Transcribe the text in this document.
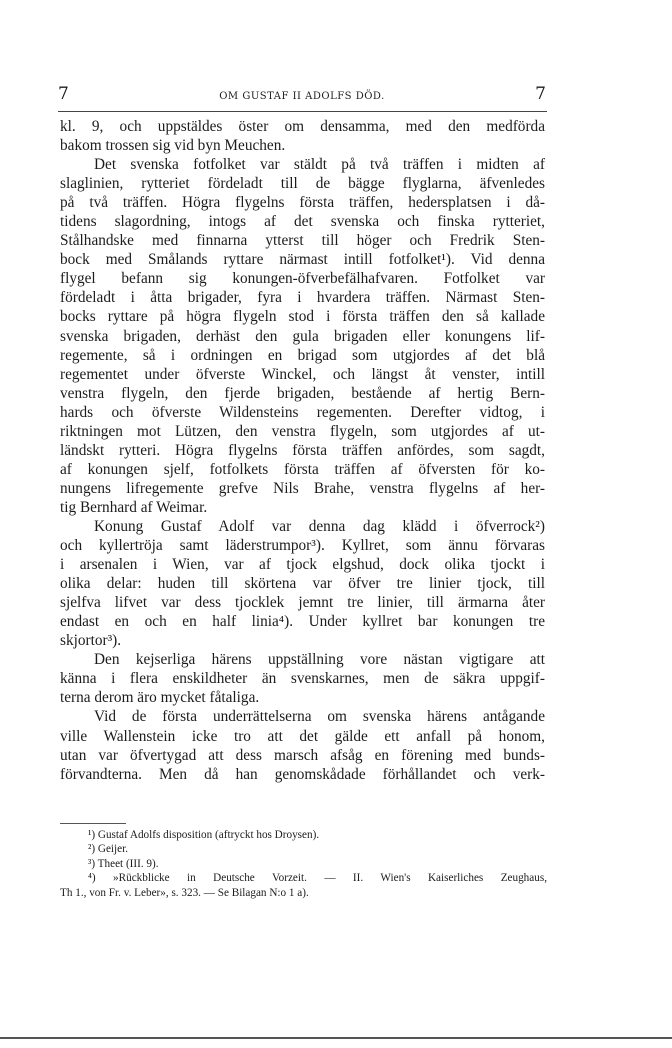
7	OM GUSTAF II ADOLFS DÖD.	7
kl. 9, och uppstäldes öster om densamma, med den medförda
bakom trossen sig vid byn Meuchen.
Det svenska fotfolket var stäldt på två träffen i midten af
slaglinien, rytteriet fördeladt till de bägge flyglarna, äfvenledes
på två träffen. Högra flygelns första träffen, hedersplatsen i då-
tidens slagordning, intogs af det svenska och finska rytteriet,
Stålhandske med finnarna ytterst till höger och Fredrik Sten-
bock med Smålands ryttare närmast intill fotfolket¹). Vid denna
flygel befann sig konungen-öfverbefälhafvaren. Fotfolket var
fördeladt i åtta brigader, fyra i hvardera träffen. Närmast Sten-
bocks ryttare på högra flygeln stod i första träffen den så kallade
svenska brigaden, derhäst den gula brigaden eller konungens lif-
regemente, så i ordningen en brigad som utgjordes af det blå
regementet under öfverste Winckel, och längst åt venster, intill
venstra flygeln, den fjerde brigaden, bestående af hertig Bern-
hards och öfverste Wildensteins regementen. Derefter vidtog, i
riktningen mot Lützen, den venstra flygeln, som utgjordes af ut-
ländskt rytteri. Högra flygelns första träffen anfördes, som sagdt,
af konungen sjelf, fotfolkets första träffen af öfversten för ko-
nungens lifregemente grefve Nils Brahe, venstra flygelns af her-
tig Bernhard af Weimar.
Konung Gustaf Adolf var denna dag klädd i öfverrock²)
och kyllertröja samt läderstrumpor³). Kyllret, som ännu förvaras
i arsenalen i Wien, var af tjock elgshud, dock olika tjockt i
olika delar: huden till skörtena var öfver tre linier tjock, till
sjelfva lifvet var dess tjocklek jemnt tre linier, till ärmarna åter
endast en och en half linia⁴). Under kyllret bar konungen tre
skjortor³).
Den kejserliga härens uppställning vore nästan vigtigare att
känna i flera enskildheter än svenskarnes, men de säkra uppgif-
terna derom äro mycket fåtaliga.
Vid de första underrättelserna om svenska härens antågande
ville Wallenstein icke tro att det gälde ett anfall på honom,
utan var öfvertygad att dess marsch afsåg en förening med bunds-
förvandterna. Men då han genomskådade förhållandet och verk-
¹) Gustaf Adolfs disposition (aftryckt hos Droysen).
²) Geijer.
³) Theet (III. 9).
⁴) »Rückblicke in Deutsche Vorzeit. — II. Wien's Kaiserliches Zeughaus,
Th 1., von Fr. v. Leber», s. 323. — Se Bilagan N:o 1 a).
